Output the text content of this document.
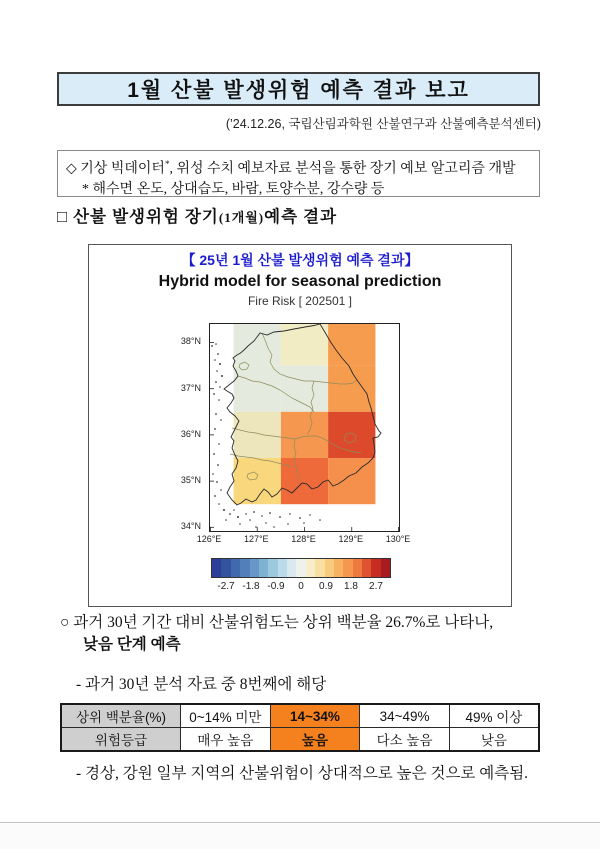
1월 산불 발생위험 예측 결과 보고
(’24.12.26, 국립산림과학원 산불연구과 산불예측분석센터)
◇ 기상 빅데이터*, 위성 수치 예보자료 분석을 통한 장기 예보 알고리즘 개발
* 해수면 온도, 상대습도, 바람, 토양수분, 강수량 등
□ 산불 발생위험 장기(1개월)예측 결과
【 25년 1월 산불 발생위험 예측 결과】
Hybrid model for seasonal prediction
Fire Risk [ 202501 ]
38°N
37°N
36°N
35°N
34°N
126°E	127°E	128°E	129°E	130°E
-2.7 -1.8 -0.9 0 0.9 1.8 2.7
○ 과거 30년 기간 대비 산불위험도는 상위 백분율 26.7%로 나타나,
낮음 단계 예측
- 과거 30년 분석 자료 중 8번째에 해당
상위 백분율(%)	0~14% 미만	14~34%	34~49%	49% 이상
위험등급	매우 높음	높음	다소 높음	낮음
- 경상, 강원 일부 지역의 산불위험이 상대적으로 높은 것으로 예측됨.
